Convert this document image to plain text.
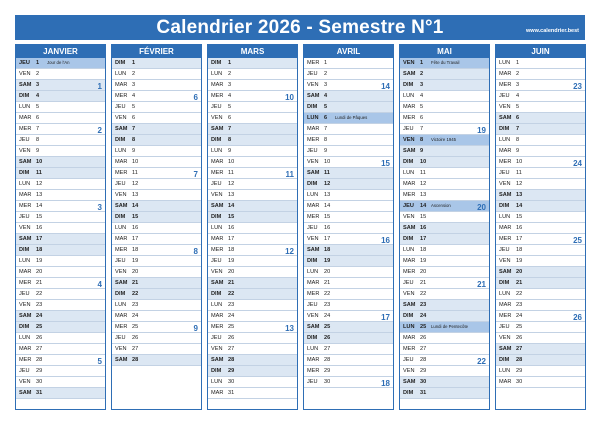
Calendrier 2026 - Semestre N°1	www.calendrier.best
JANVIER
JEU 1 Jour de l'An
VEN 2
SAM 3	1
DIM 4
LUN 5
MAR 6
MER 7	2
JEU 8
VEN 9
SAM 10
DIM 11
LUN 12
MAR 13
MER 14	3
JEU 15
VEN 16
SAM 17
DIM 18
LUN 19
MAR 20
MER 21	4
JEU 22
VEN 23
SAM 24
DIM 25
LUN 26
MAR 27
MER 28	5
JEU 29
VEN 30
SAM 31
FÉVRIER
DIM 1
LUN 2
MAR 3
MER 4	6
JEU 5
VEN 6
SAM 7
DIM 8
LUN 9
MAR 10
MER 11	7
JEU 12
VEN 13
SAM 14
DIM 15
LUN 16
MAR 17
MER 18	8
JEU 19
VEN 20
SAM 21
DIM 22
LUN 23
MAR 24
MER 25	9
JEU 26
VEN 27
SAM 28
MARS
DIM 1
LUN 2
MAR 3
MER 4	10
JEU 5
VEN 6
SAM 7
DIM 8
LUN 9
MAR 10
MER 11	11
JEU 12
VEN 13
SAM 14
DIM 15
LUN 16
MAR 17
MER 18	12
JEU 19
VEN 20
SAM 21
DIM 22
LUN 23
MAR 24
MER 25	13
JEU 26
VEN 27
SAM 28
DIM 29
LUN 30
MAR 31
AVRIL
MER 1
JEU 2
VEN 3	14
SAM 4
DIM 5
LUN 6 Lundi de Pâques
MAR 7
MER 8
JEU 9
VEN 10	15
SAM 11
DIM 12
LUN 13
MAR 14
MER 15
JEU 16
VEN 17	16
SAM 18
DIM 19
LUN 20
MAR 21
MER 22
JEU 23
VEN 24	17
SAM 25
DIM 26
LUN 27
MAR 28
MER 29
JEU 30	18
MAI
VEN 1 Fête du Travail
SAM 2
DIM 3
LUN 4
MAR 5
MER 6
JEU 7	19
VEN 8 Victoire 1945
SAM 9
DIM 10
LUN 11
MAR 12
MER 13
JEU 14 Ascension	20
VEN 15
SAM 16
DIM 17
LUN 18
MAR 19
MER 20
JEU 21	21
VEN 22
SAM 23
DIM 24
LUN 25 Lundi de Pentecôte
MAR 26
MER 27
JEU 28	22
VEN 29
SAM 30
DIM 31
JUIN
LUN 1
MAR 2
MER 3	23
JEU 4
VEN 5
SAM 6
DIM 7
LUN 8
MAR 9
MER 10	24
JEU 11
VEN 12
SAM 13
DIM 14
LUN 15
MAR 16
MER 17	25
JEU 18
VEN 19
SAM 20
DIM 21
LUN 22
MAR 23
MER 24	26
JEU 25
VEN 26
SAM 27
DIM 28
LUN 29
MAR 30
